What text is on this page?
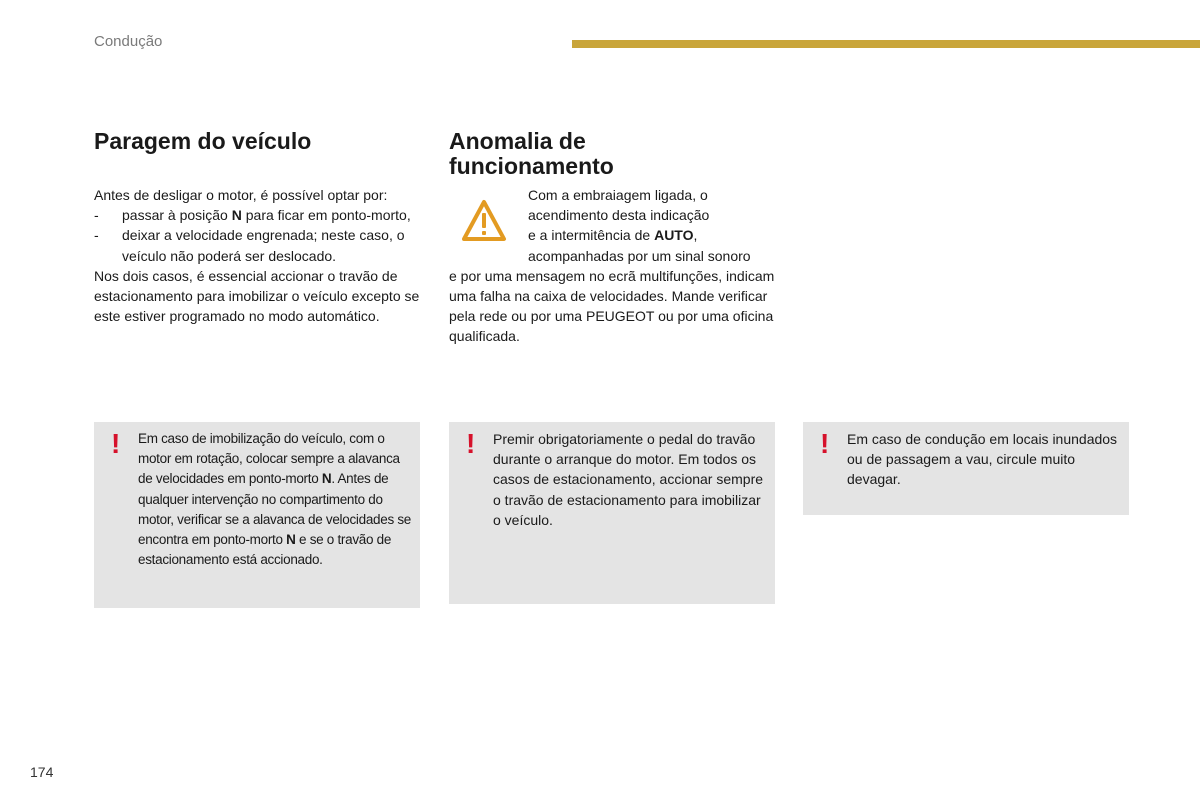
Condução
Paragem do veículo

Antes de desligar o motor, é possível optar por:

-	passar à posição N para ficar em ponto-morto,
-	deixar a velocidade engrenada; neste caso, o veículo não poderá ser deslocado.

Nos dois casos, é essencial accionar o travão de estacionamento para imobilizar o veículo excepto se este estiver programado no modo automático.

Anomalia de funcionamento

Com a embraiagem ligada, o

acendimento desta indicação

e a intermitência de AUTO,

acompanhadas por um sinal sonoro

e por uma mensagem no ecrã multifunções, indicam uma falha na caixa de velocidades. Mande verificar pela rede ou por uma PEUGEOT ou por uma oficina qualificada.

! Em caso de imobilização do veículo, com o motor em rotação, colocar sempre a alavanca de velocidades em ponto-morto N. Antes de qualquer intervenção no compartimento do motor, verificar se a alavanca de velocidades se encontra em ponto-morto N e se o travão de estacionamento está accionado.
! Premir obrigatoriamente o pedal do travão durante o arranque do motor. Em todos os casos de estacionamento, accionar sempre o travão de estacionamento para imobilizar o veículo.
! Em caso de condução em locais inundados ou de passagem a vau, circule muito devagar.
174
